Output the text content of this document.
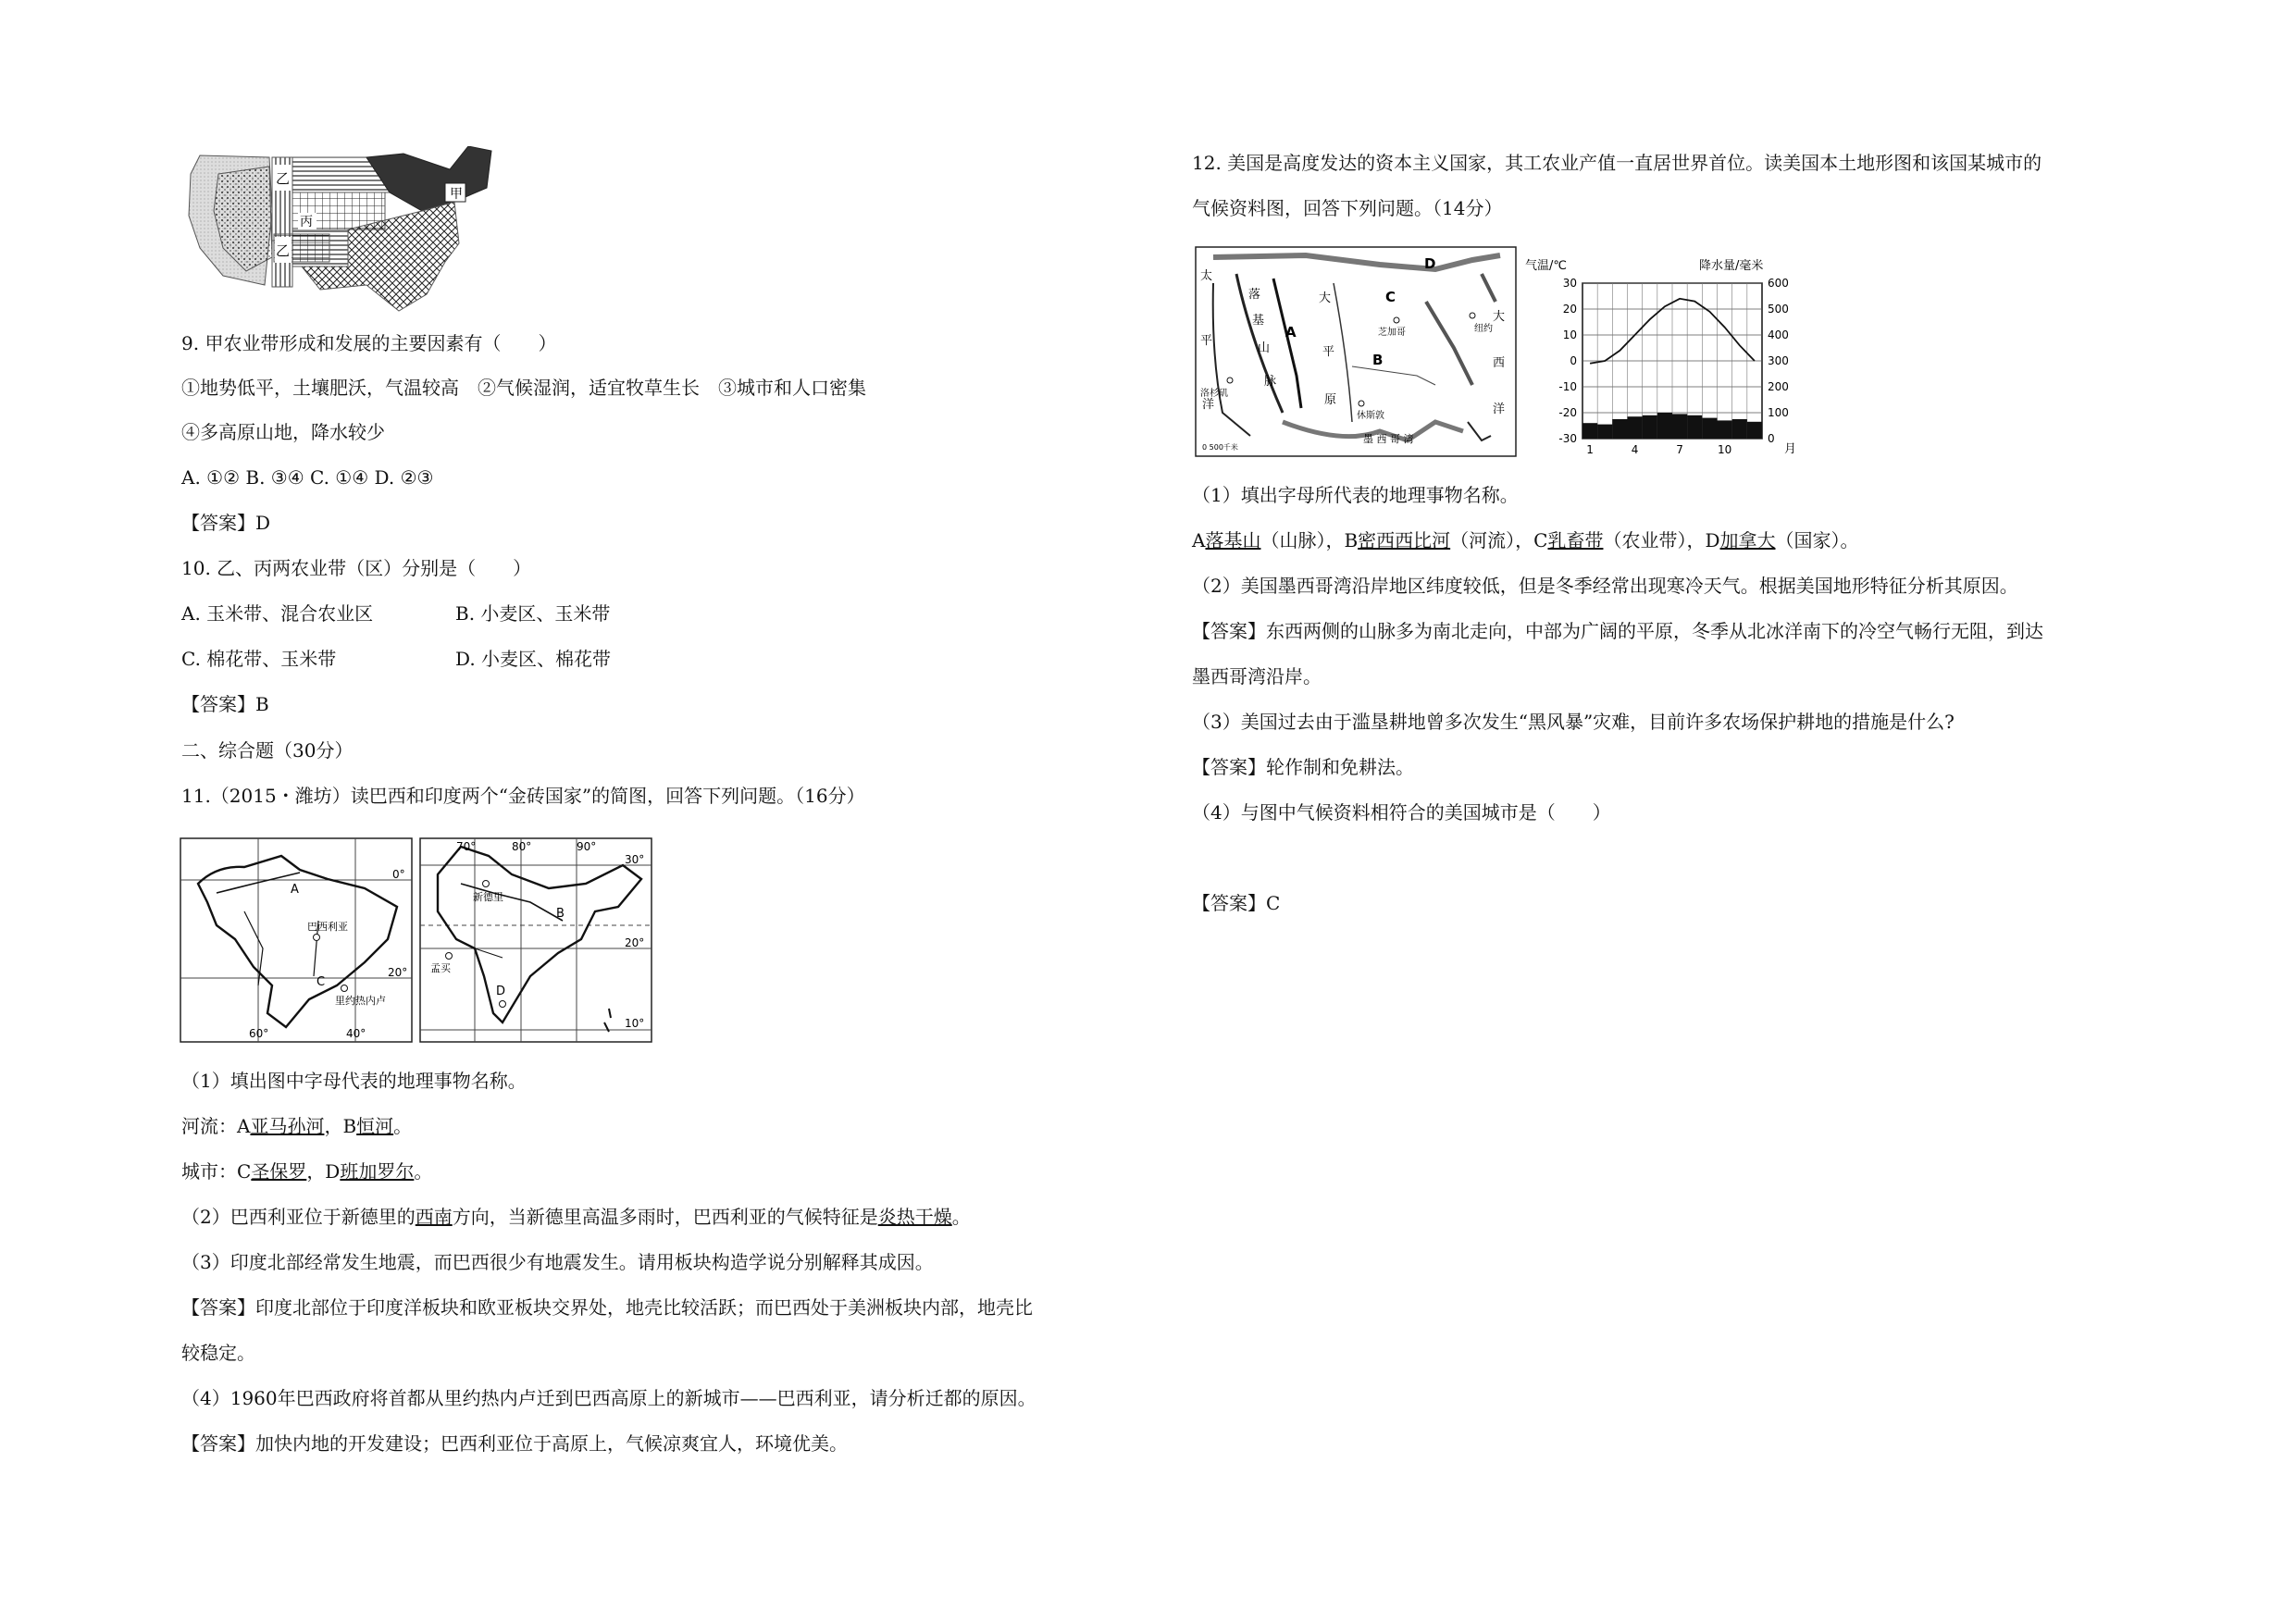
甲
乙
丙
乙
9. 甲农业带形成和发展的主要因素有（　　）
①地势低平，土壤肥沃，气温较高　②气候湿润，适宜牧草生长　③城市和人口密集
④多高原山地，降水较少
A. ①② B. ③④ C. ①④ D. ②③
【答案】D
10. 乙、丙两农业带（区）分别是（　　）
A. 玉米带、混合农业区	B. 小麦区、玉米带
C. 棉花带、玉米带	D. 小麦区、棉花带
【答案】B
二、综合题（30分）
11.（2015・潍坊）读巴西和印度两个“金砖国家”的简图，回答下列问题。（16分）
A
巴西利亚
C
里约热内卢
0°
20°
60°	40°
新德里
B
孟买
D
70°	80°	90°
30°
20°
10°
（1）填出图中字母代表的地理事物名称。
河流：A亚马孙河，B恒河。
城市：C圣保罗，D班加罗尔。
（2）巴西利亚位于新德里的西南方向，当新德里高温多雨时，巴西利亚的气候特征是炎热干燥。
（3）印度北部经常发生地震，而巴西很少有地震发生。请用板块构造学说分别解释其成因。
【答案】印度北部位于印度洋板块和欧亚板块交界处，地壳比较活跃；而巴西处于美洲板块内部，地壳比
较稳定。
（4）1960年巴西政府将首都从里约热内卢迁到巴西高原上的新城市——巴西利亚，请分析迁都的原因。
【答案】加快内地的开发建设；巴西利亚位于高原上，气候凉爽宜人，环境优美。
12. 美国是高度发达的资本主义国家，其工农业产值一直居世界首位。读美国本土地形图和该国某城市的
气候资料图，回答下列问题。（14分）
太
平
洋
大
西
洋
落
基
山
脉
大
平
原
A
B
C
D
芝加哥	纽约
洛杉矶
休斯敦
墨 西 哥 湾
0 500千米
气温/℃	降水量/毫米
-30
-20
-10
0
10
20
30
0
100
200
300
400
500
600
1	4	7	10	月
（1）填出字母所代表的地理事物名称。
A落基山（山脉），B密西西比河（河流），C乳畜带（农业带），D加拿大（国家）。
（2）美国墨西哥湾沿岸地区纬度较低，但是冬季经常出现寒冷天气。根据美国地形特征分析其原因。
【答案】东西两侧的山脉多为南北走向，中部为广阔的平原，冬季从北冰洋南下的冷空气畅行无阻，到达
墨西哥湾沿岸。
（3）美国过去由于滥垦耕地曾多次发生“黑风暴”灾难，目前许多农场保护耕地的措施是什么?
【答案】轮作制和免耕法。
（4）与图中气候资料相符合的美国城市是（　　）
【答案】C
